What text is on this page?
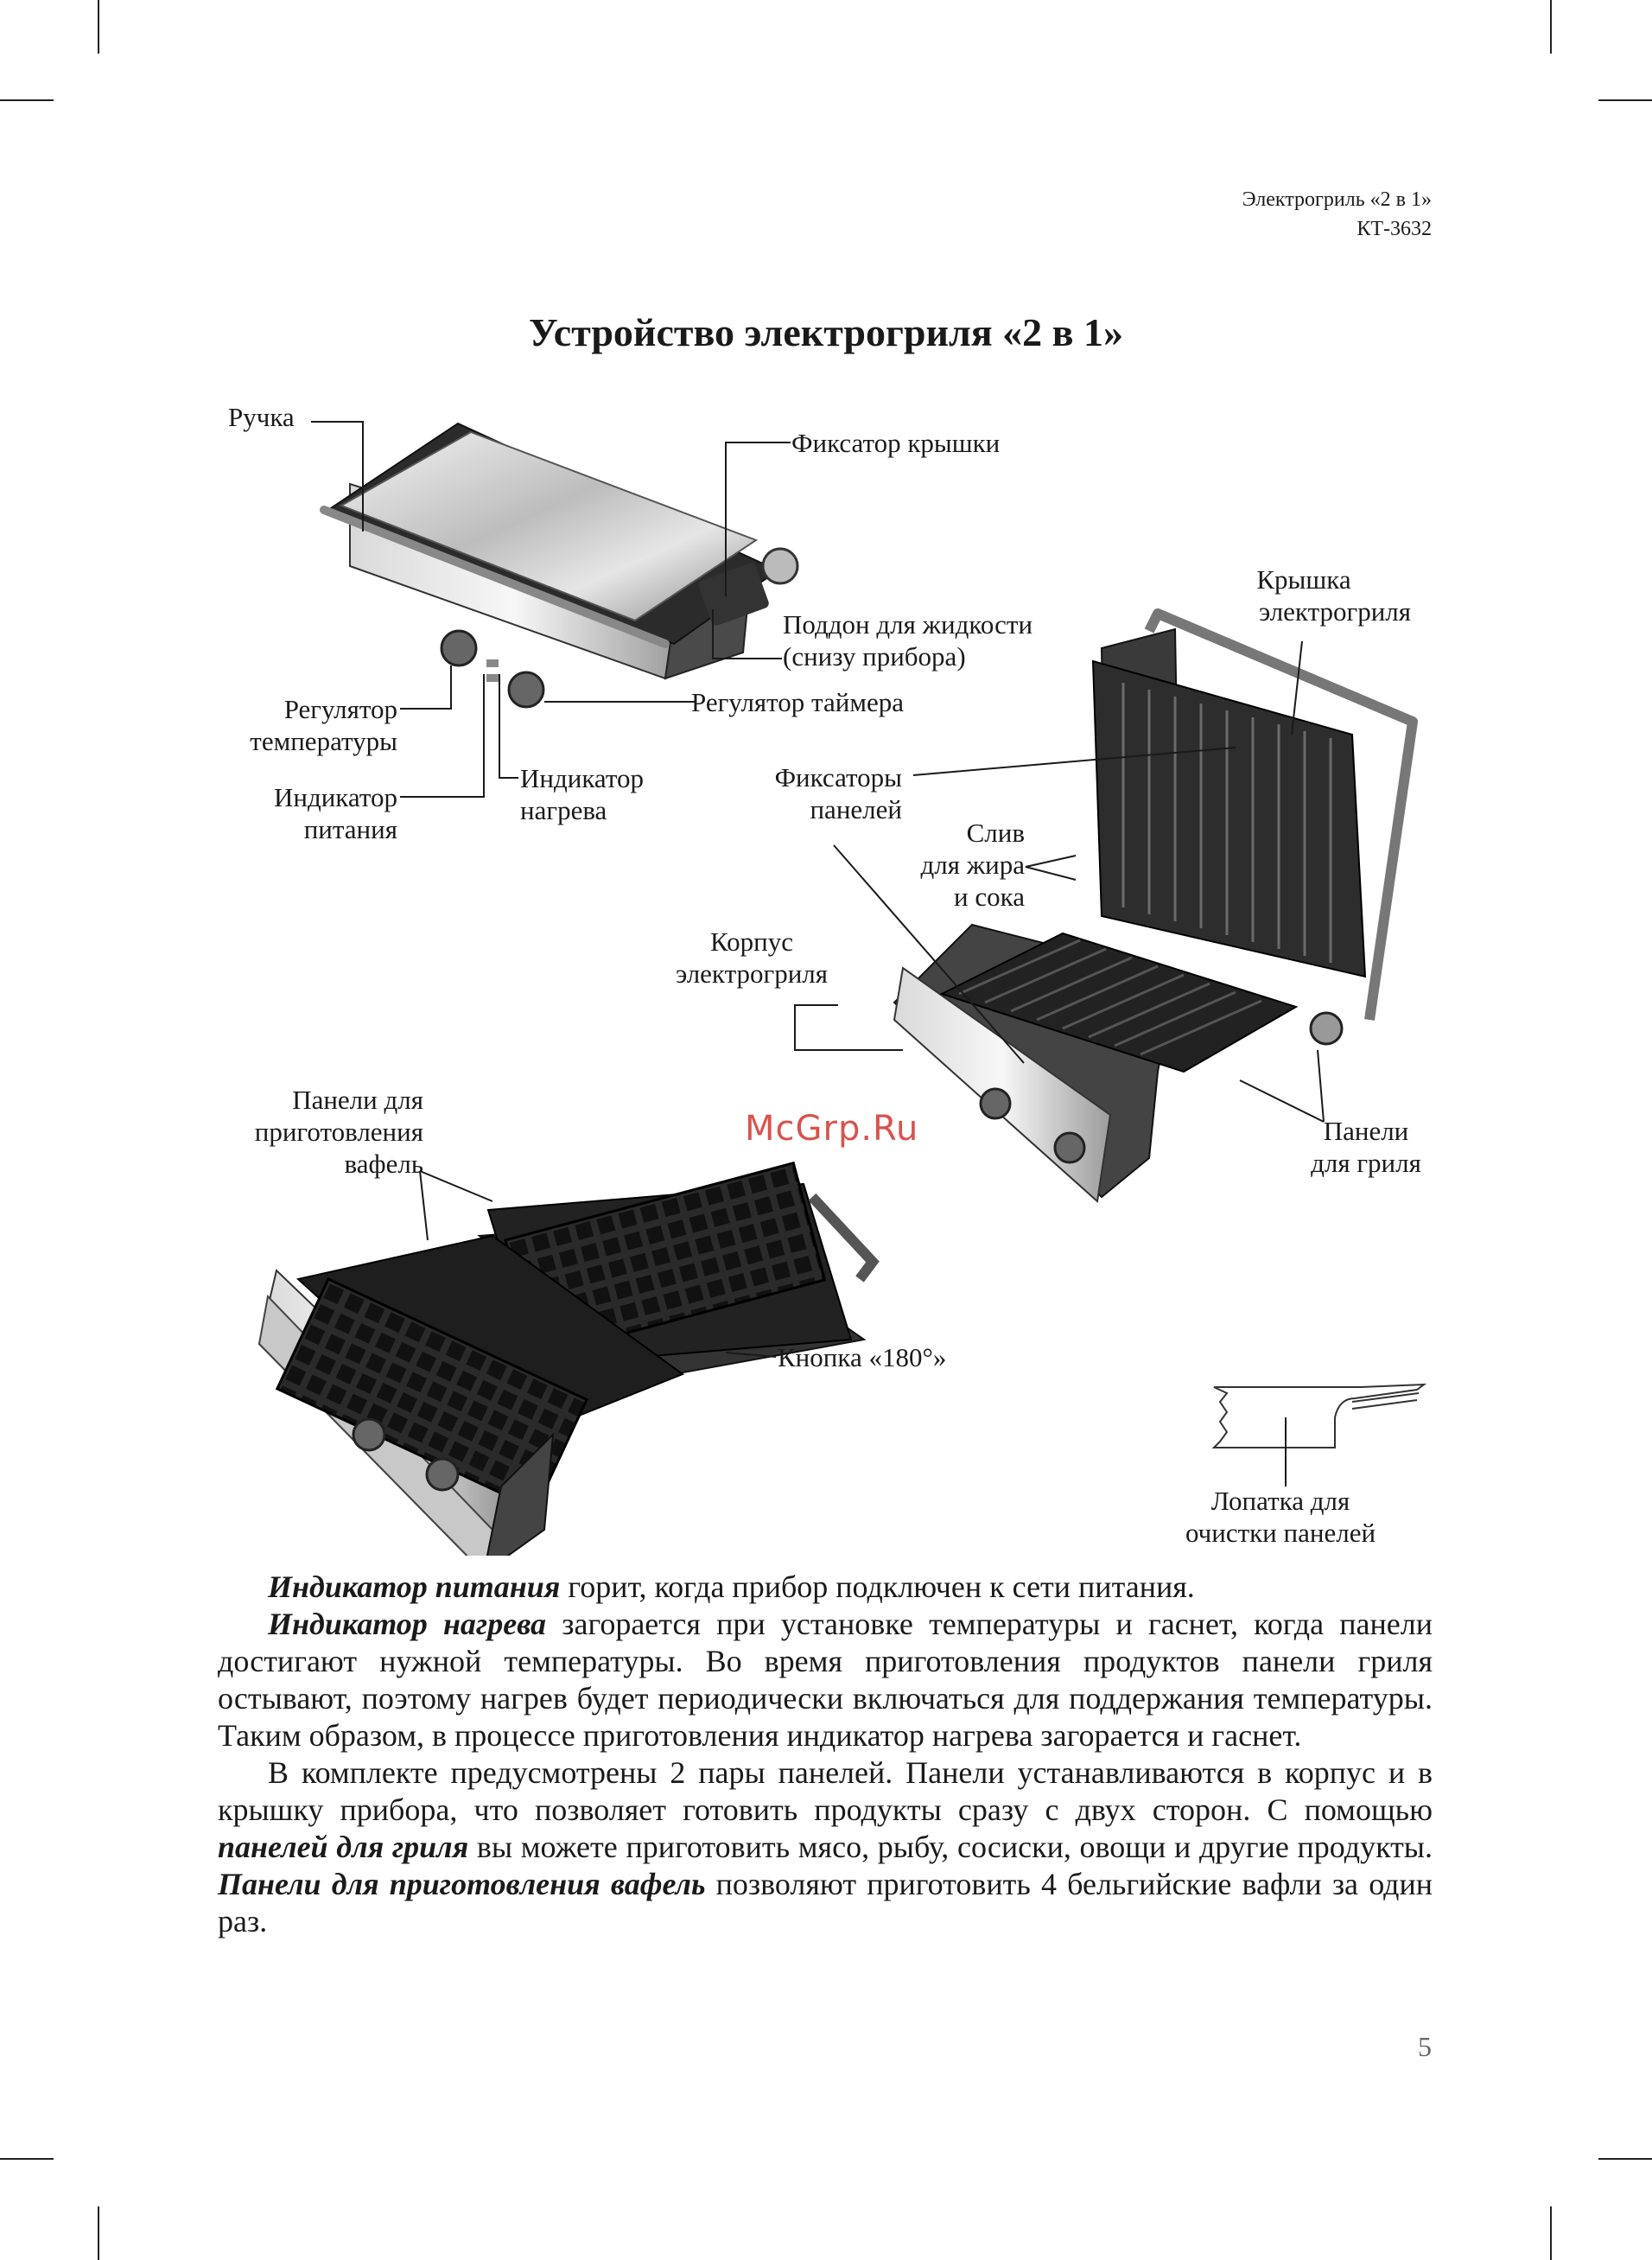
Электрогриль «2 в 1»
КТ-3632
Устройство электрогриля «2 в 1»
Ручка
Фиксатор крышки
Поддон для жидкости
(снизу прибора)
Регулятор
температуры
Регулятор таймера
Индикатор
питания
Индикатор
нагрева
Крышка
электрогриля
Фиксаторы
панелей
Слив
для жира
и сока
Корпус
электрогриля
Панели для
приготовления
вафель
Панели
для гриля
Кнопка «180°»
Лопатка для
очистки панелей
McGrp.Ru

Индикатор питания горит, когда прибор подключен к сети питания.

Индикатор нагрева загорается при установке температуры и гаснет, когда панели достигают нужной температуры. Во время приготовления продуктов панели гриля остывают, поэтому нагрев будет периодически включаться для поддержания температуры. Таким образом, в процессе приготовления индикатор нагрева загорается и гаснет.

В комплекте предусмотрены 2 пары панелей. Панели устанавливаются в корпус и в крышку прибора, что позволяет готовить продукты сразу с двух сторон. С помощью панелей для гриля вы можете приготовить мясо, рыбу, сосиски, овощи и другие продукты. Панели для приготовления вафель позволяют приготовить 4 бельгийские вафли за один раз.

5
